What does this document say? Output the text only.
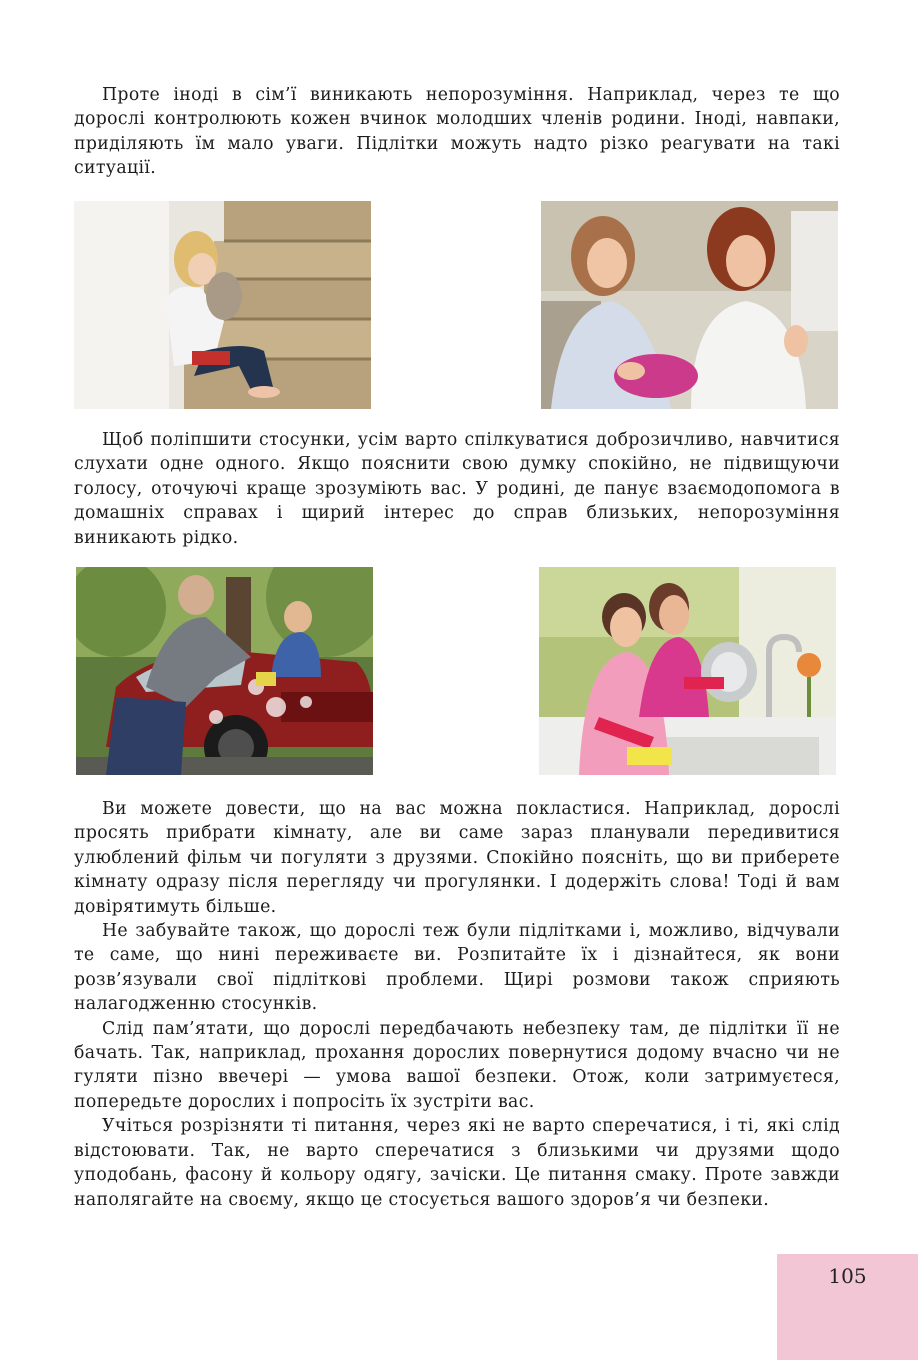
Проте іноді в сім’ї виникають непорозуміння. Наприклад, через те що дорослі контролюють кожен вчинок молодших членів родини. Іноді, навпаки, приділяють їм мало уваги. Підлітки можуть надто різко реагувати на такі ситуації.

Щоб поліпшити стосунки, усім варто спілкуватися доброзичливо, навчитися слухати одне одного. Якщо пояснити свою думку спокійно, не підвищуючи голосу, оточуючі краще зрозуміють вас. У родині, де панує взаємодопомога в домашніх справах і щирий інтерес до справ близьких, непорозуміння виникають рідко.

Ви можете довести, що на вас можна покластися. Наприклад, дорослі просять прибрати кімнату, але ви саме зараз планували передивитися улюблений фільм чи погуляти з друзями. Спокійно поясніть, що ви приберете кімнату одразу після перегляду чи прогулянки. І додержіть слова! Тоді й вам довірятимуть більше.

Не забувайте також, що дорослі теж були підлітками і, можливо, відчували те саме, що нині переживаєте ви. Розпитайте їх і дізнайтеся, як вони розв’язували свої підліткові проблеми. Щирі розмови також сприяють налагодженню стосунків.

Слід пам’ятати, що дорослі передбачають небезпеку там, де підлітки її не бачать. Так, наприклад, прохання дорослих повернутися додому вчасно чи не гуляти пізно ввечері — умова вашої безпеки. Отож, коли затримуєтеся, попередьте дорослих і попросіть їх зустріти вас.

Учіться розрізняти ті питання, через які не варто сперечатися, і ті, які слід відстоювати. Так, не варто сперечатися з близькими чи друзями щодо уподобань, фасону й кольору одягу, зачіски. Це питання смаку. Проте завжди наполягайте на своєму, якщо це стосується вашого здоров’я чи безпеки.

105
